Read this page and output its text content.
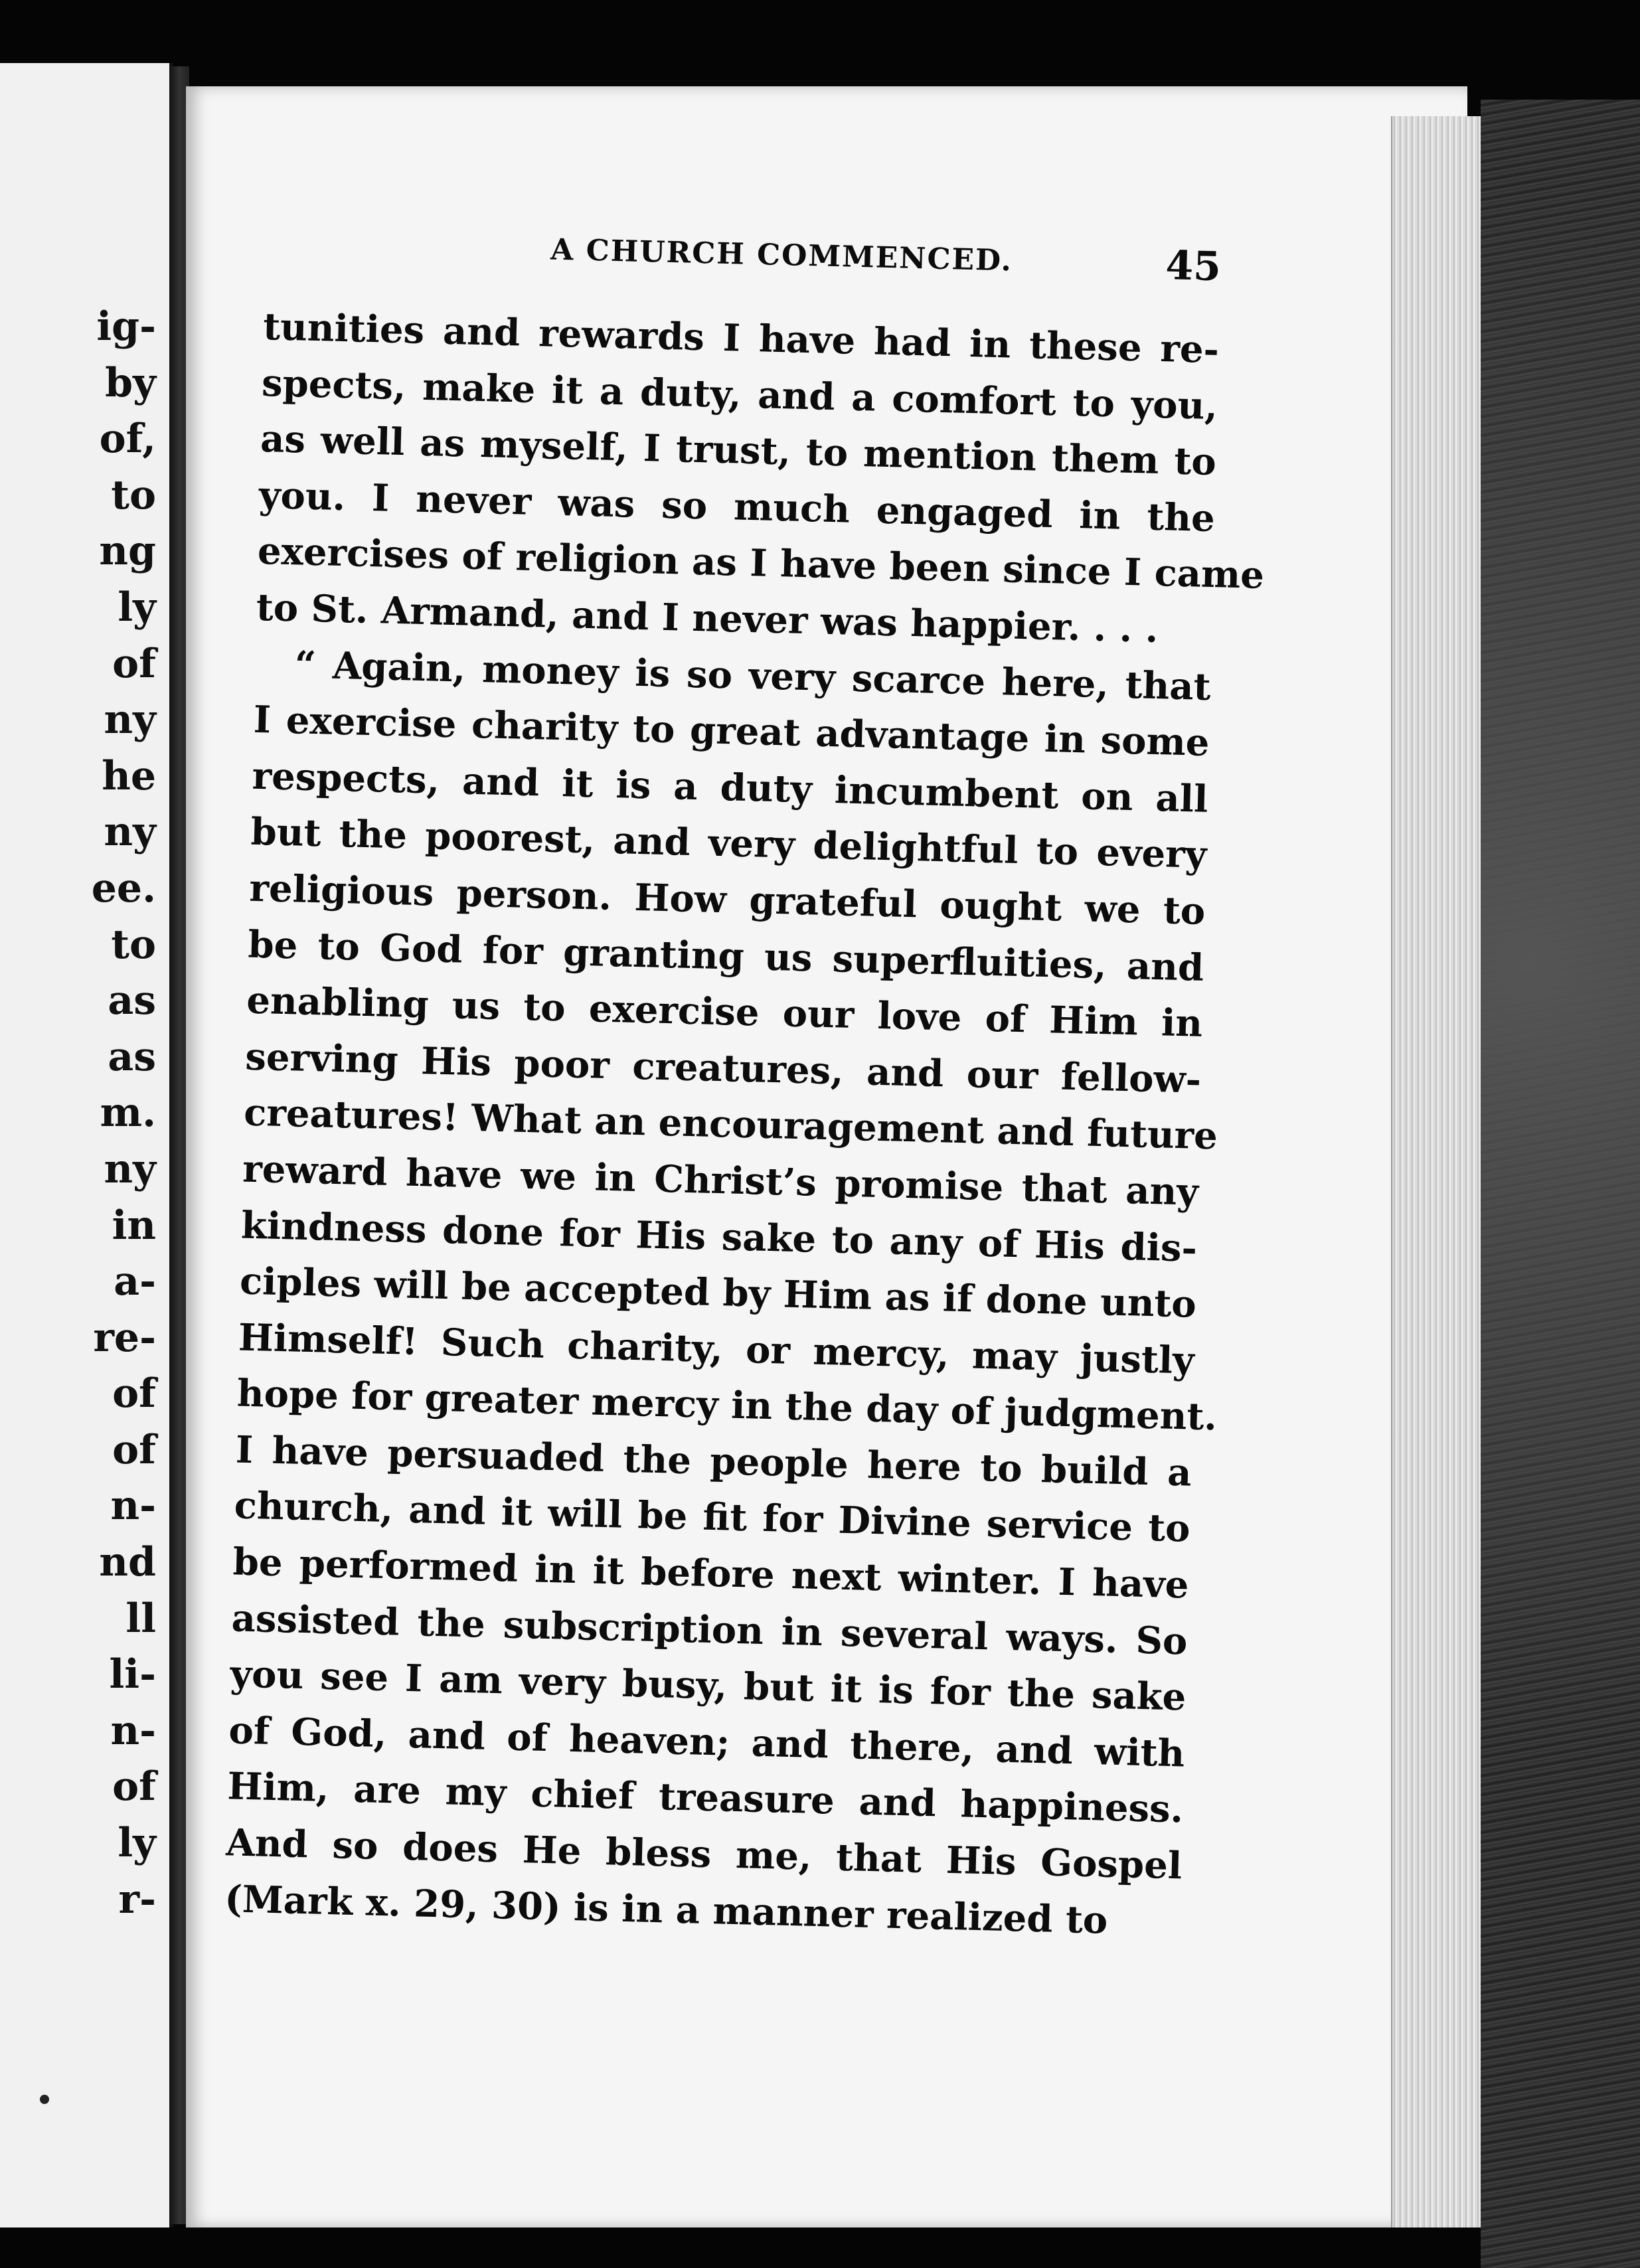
ig-
by
of,
to
ng
ly
of
ny
he
ny
ee.
to
as
as
m.
ny
in
a-
re-
of
of
n-
nd
ll
li-
n-
of
ly
r-
A CHURCH COMMENCED.	45
tunities and rewards I have had in these re-
spects, make it a duty, and a comfort to you,
as well as myself, I trust, to mention them to
you. I never was so much engaged in the
exercises of religion as I have been since I came
to St. Armand, and I never was happier. . . .
“ Again, money is so very scarce here, that
I exercise charity to great advantage in some
respects, and it is a duty incumbent on all
but the poorest, and very delightful to every
religious person. How grateful ought we to
be to God for granting us superfluities, and
enabling us to exercise our love of Him in
serving His poor creatures, and our fellow-
creatures! What an encouragement and future
reward have we in Christ’s promise that any
kindness done for His sake to any of His dis-
ciples will be accepted by Him as if done unto
Himself! Such charity, or mercy, may justly
hope for greater mercy in the day of judgment.
I have persuaded the people here to build a
church, and it will be fit for Divine service to
be performed in it before next winter. I have
assisted the subscription in several ways. So
you see I am very busy, but it is for the sake
of God, and of heaven; and there, and with
Him, are my chief treasure and happiness.
And so does He bless me, that His Gospel
(Mark x. 29, 30) is in a manner realized to
